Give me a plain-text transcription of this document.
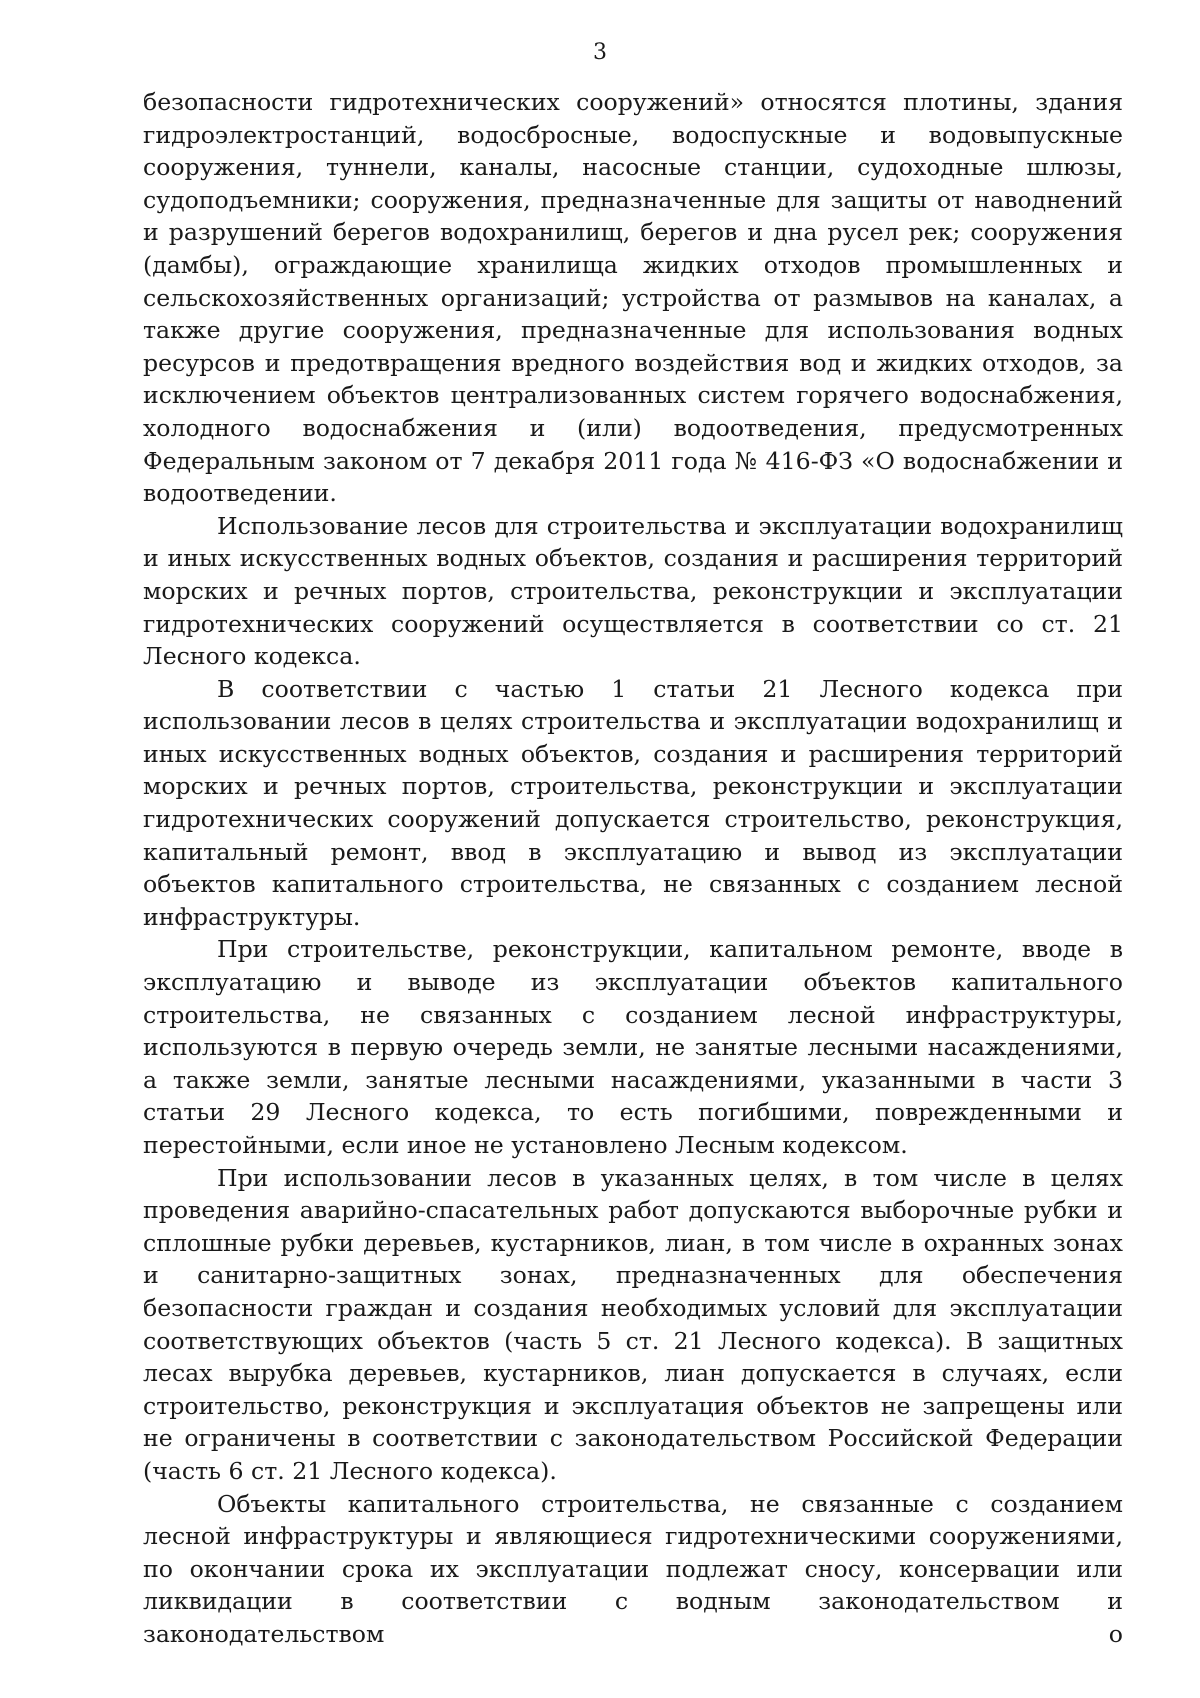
3

безопасности гидротехнических сооружений» относятся плотины, здания гидроэлектростанций, водосбросные, водоспускные и водовыпускные сооружения, туннели, каналы, насосные станции, судоходные шлюзы, судоподъемники; сооружения, предназначенные для защиты от наводнений и разрушений берегов водохранилищ, берегов и дна русел рек; сооружения (дамбы), ограждающие хранилища жидких отходов промышленных и сельскохозяйственных организаций; устройства от размывов на каналах, а также другие сооружения, предназначенные для использования водных ресурсов и предотвращения вредного воздействия вод и жидких отходов, за исключением объектов централизованных систем горячего водоснабжения, холодного водоснабжения и (или) водоотведения, предусмотренных Федеральным законом от 7 декабря 2011 года № 416-ФЗ «О водоснабжении и водоотведении.

Использование лесов для строительства и эксплуатации водохранилищ и иных искусственных водных объектов, создания и расширения территорий морских и речных портов, строительства, реконструкции и эксплуатации гидротехнических сооружений осуществляется в соответствии со ст. 21 Лесного кодекса.

В соответствии с частью 1 статьи 21 Лесного кодекса при использовании лесов в целях строительства и эксплуатации водохранилищ и иных искусственных водных объектов, создания и расширения территорий морских и речных портов, строительства, реконструкции и эксплуатации гидротехнических сооружений допускается строительство, реконструкция, капитальный ремонт, ввод в эксплуатацию и вывод из эксплуатации объектов капитального строительства, не связанных с созданием лесной инфраструктуры.

При строительстве, реконструкции, капитальном ремонте, вводе в эксплуатацию и выводе из эксплуатации объектов капитального строительства, не связанных с созданием лесной инфраструктуры, используются в первую очередь земли, не занятые лесными насаждениями, а также земли, занятые лесными насаждениями, указанными в части 3 статьи 29 Лесного кодекса, то есть погибшими, поврежденными и перестойными, если иное не установлено Лесным кодексом.

При использовании лесов в указанных целях, в том числе в целях проведения аварийно-спасательных работ допускаются выборочные рубки и сплошные рубки деревьев, кустарников, лиан, в том числе в охранных зонах и санитарно-защитных зонах, предназначенных для обеспечения безопасности граждан и создания необходимых условий для эксплуатации соответствующих объектов (часть 5 ст. 21 Лесного кодекса). В защитных лесах вырубка деревьев, кустарников, лиан допускается в случаях, если строительство, реконструкция и эксплуатация объектов не запрещены или не ограничены в соответствии с законодательством Российской Федерации (часть 6 ст. 21 Лесного кодекса).

Объекты капитального строительства, не связанные с созданием лесной инфраструктуры и являющиеся гидротехническими сооружениями, по окончании срока их эксплуатации подлежат сносу, консервации или ликвидации в соответствии с водным законодательством и законодательством о
